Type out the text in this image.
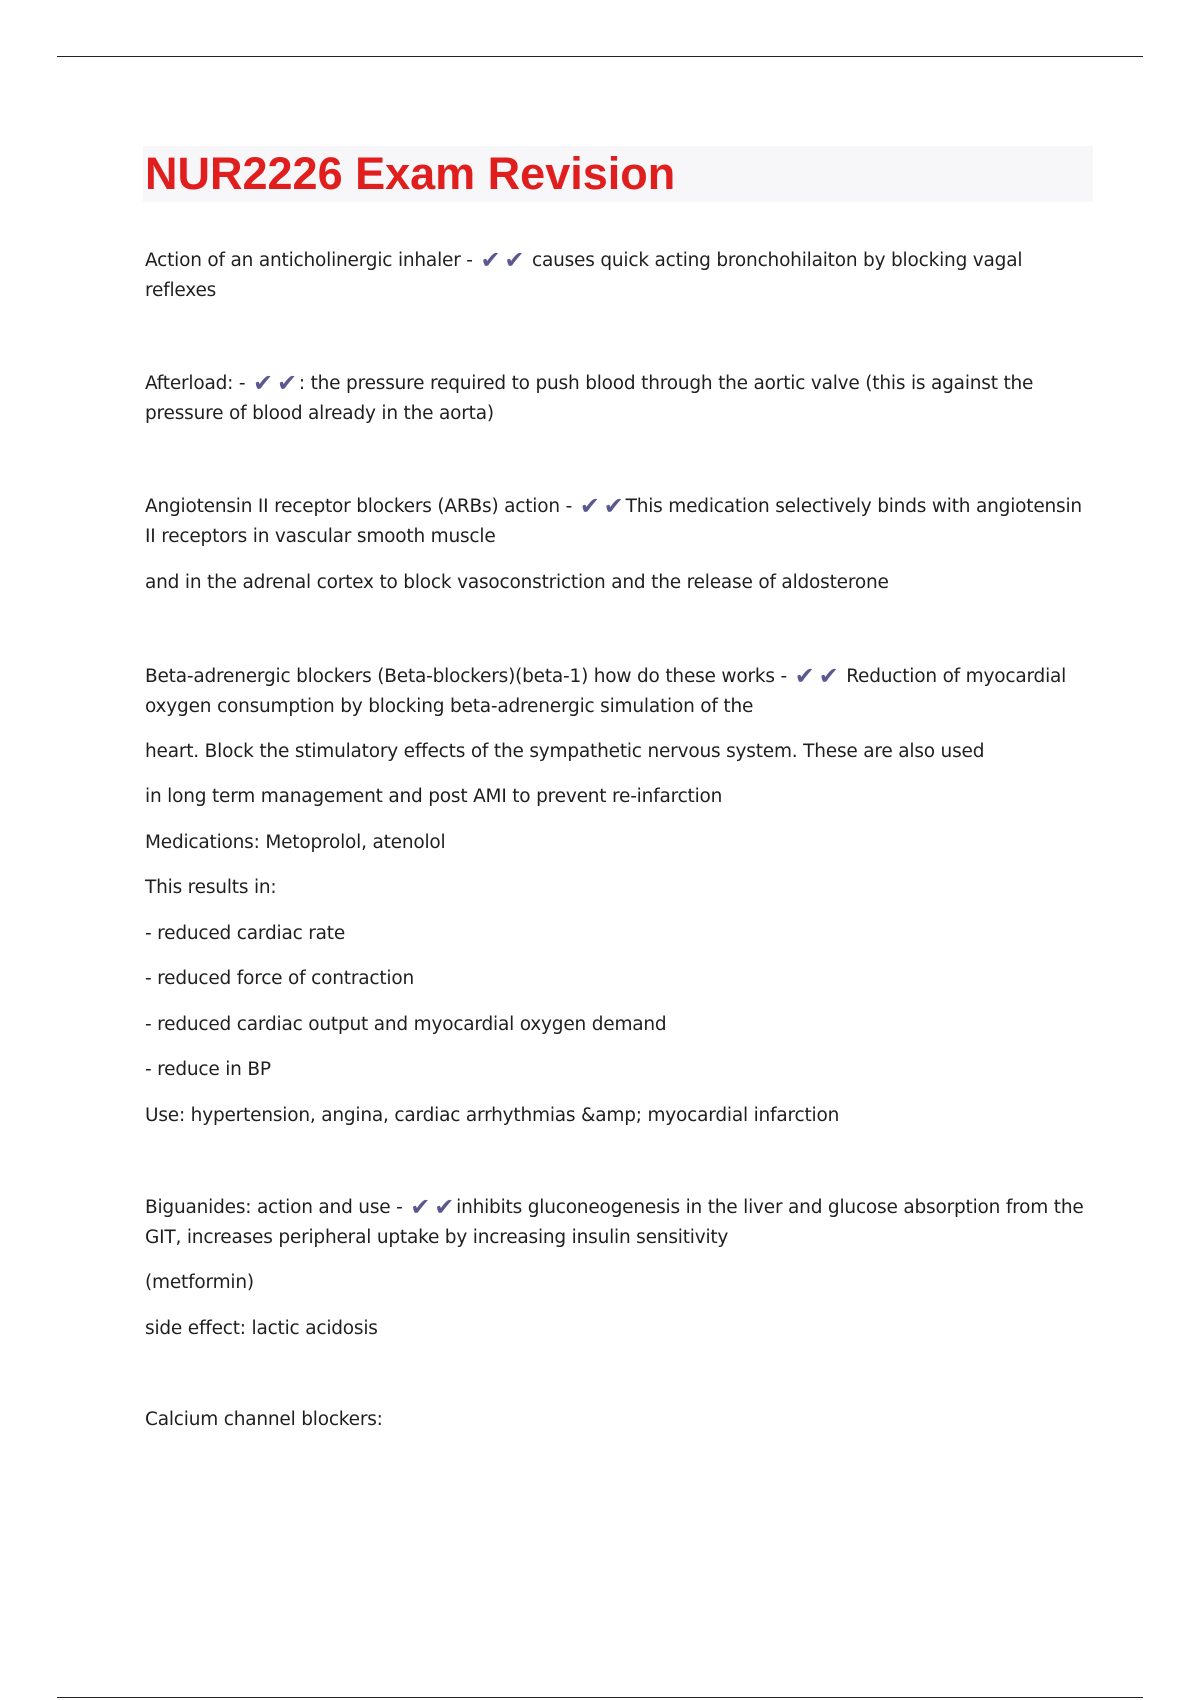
NUR2226 Exam Revision

Action of an anticholinergic inhaler - ✔ ✔ causes quick acting bronchohilaiton by blocking vagal reflexes

Afterload: - ✔ ✔ : the pressure required to push blood through the aortic valve (this is against the pressure of blood already in the aorta)

Angiotensin II receptor blockers (ARBs) action - ✔ ✔ This medication selectively binds with angiotensin II receptors in vascular smooth muscle

and in the adrenal cortex to block vasoconstriction and the release of aldosterone

Beta-adrenergic blockers (Beta-blockers)(beta-1) how do these works - ✔ ✔ Reduction of myocardial oxygen consumption by blocking beta-adrenergic simulation of the

heart. Block the stimulatory effects of the sympathetic nervous system. These are also used

in long term management and post AMI to prevent re-infarction

Medications: Metoprolol, atenolol

This results in:

- reduced cardiac rate

- reduced force of contraction

- reduced cardiac output and myocardial oxygen demand

- reduce in BP

Use: hypertension, angina, cardiac arrhythmias &amp; myocardial infarction

Biguanides: action and use - ✔ ✔ inhibits gluconeogenesis in the liver and glucose absorption from the GIT, increases peripheral uptake by increasing insulin sensitivity

(metformin)

side effect: lactic acidosis

Calcium channel blockers:
